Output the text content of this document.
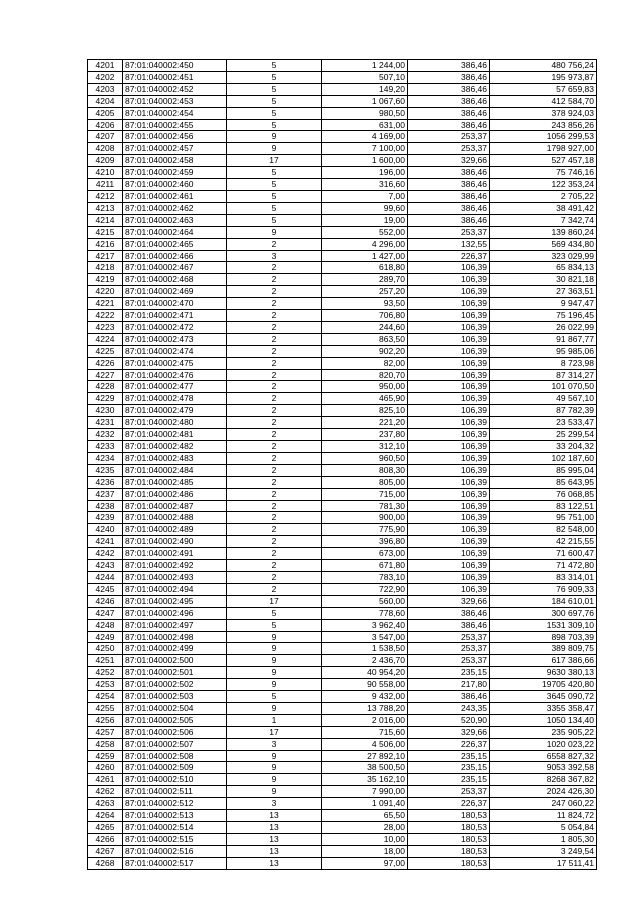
4201	87:01:040002:450	5	1 244,00	386,46	480 756,24
4202	87:01:040002:451	5	507,10	386,46	195 973,87
4203	87:01:040002:452	5	149,20	386,46	57 659,83
4204	87:01:040002:453	5	1 067,60	386,46	412 584,70
4205	87:01:040002:454	5	980,50	386,46	378 924,03
4206	87:01:040002:455	5	631,00	386,46	243 856,26
4207	87:01:040002:456	9	4 169,00	253,37	1056 299,53
4208	87:01:040002:457	9	7 100,00	253,37	1798 927,00
4209	87:01:040002:458	17	1 600,00	329,66	527 457,18
4210	87:01:040002:459	5	196,00	386,46	75 746,16
4211	87:01:040002:460	5	316,60	386,46	122 353,24
4212	87:01:040002:461	5	7,00	386,46	2 705,22
4213	87:01:040002:462	5	99,60	386,46	38 491,42
4214	87:01:040002:463	5	19,00	386,46	7 342,74
4215	87:01:040002:464	9	552,00	253,37	139 860,24
4216	87:01:040002:465	2	4 296,00	132,55	569 434,80
4217	87:01:040002:466	3	1 427,00	226,37	323 029,99
4218	87:01:040002:467	2	618,80	106,39	65 834,13
4219	87:01:040002:468	2	289,70	106,39	30 821,18
4220	87:01:040002:469	2	257,20	106,39	27 363,51
4221	87:01:040002:470	2	93,50	106,39	9 947,47
4222	87:01:040002:471	2	706,80	106,39	75 196,45
4223	87:01:040002:472	2	244,60	106,39	26 022,99
4224	87:01:040002:473	2	863,50	106,39	91 867,77
4225	87:01:040002:474	2	902,20	106,39	95 985,06
4226	87:01:040002:475	2	82,00	106,39	8 723,98
4227	87:01:040002:476	2	820,70	106,39	87 314,27
4228	87:01:040002:477	2	950,00	106,39	101 070,50
4229	87:01:040002:478	2	465,90	106,39	49 567,10
4230	87:01:040002:479	2	825,10	106,39	87 782,39
4231	87:01:040002:480	2	221,20	106,39	23 533,47
4232	87:01:040002:481	2	237,80	106,39	25 299,54
4233	87:01:040002:482	2	312,10	106,39	33 204,32
4234	87:01:040002:483	2	960,50	106,39	102 187,60
4235	87:01:040002:484	2	808,30	106,39	85 995,04
4236	87:01:040002:485	2	805,00	106,39	85 643,95
4237	87:01:040002:486	2	715,00	106,39	76 068,85
4238	87:01:040002:487	2	781,30	106,39	83 122,51
4239	87:01:040002:488	2	900,00	106,39	95 751,00
4240	87:01:040002:489	2	775,90	106,39	82 548,00
4241	87:01:040002:490	2	396,80	106,39	42 215,55
4242	87:01:040002:491	2	673,00	106,39	71 600,47
4243	87:01:040002:492	2	671,80	106,39	71 472,80
4244	87:01:040002:493	2	783,10	106,39	83 314,01
4245	87:01:040002:494	2	722,90	106,39	76 909,33
4246	87:01:040002:495	17	560,00	329,66	184 610,01
4247	87:01:040002:496	5	778,60	386,46	300 697,76
4248	87:01:040002:497	5	3 962,40	386,46	1531 309,10
4249	87:01:040002:498	9	3 547,00	253,37	898 703,39
4250	87:01:040002:499	9	1 538,50	253,37	389 809,75
4251	87:01:040002:500	9	2 436,70	253,37	617 386,66
4252	87:01:040002:501	9	40 954,20	235,15	9630 380,13
4253	87:01:040002:502	9	90 558,00	217,80	19705 420,80
4254	87:01:040002:503	5	9 432,00	386,46	3645 090,72
4255	87:01:040002:504	9	13 788,20	243,35	3355 358,47
4256	87:01:040002:505	1	2 016,00	520,90	1050 134,40
4257	87:01:040002:506	17	715,60	329,66	235 905,22
4258	87:01:040002:507	3	4 506,00	226,37	1020 023,22
4259	87:01:040002:508	9	27 892,10	235,15	6558 827,32
4260	87:01:040002:509	9	38 500,50	235,15	9053 392,58
4261	87:01:040002:510	9	35 162,10	235,15	8268 367,82
4262	87:01:040002:511	9	7 990,00	253,37	2024 426,30
4263	87:01:040002:512	3	1 091,40	226,37	247 060,22
4264	87:01:040002:513	13	65,50	180,53	11 824,72
4265	87:01:040002:514	13	28,00	180,53	5 054,84
4266	87:01:040002:515	13	10,00	180,53	1 805,30
4267	87:01:040002:516	13	18,00	180,53	3 249,54
4268	87:01:040002:517	13	97,00	180,53	17 511,41
